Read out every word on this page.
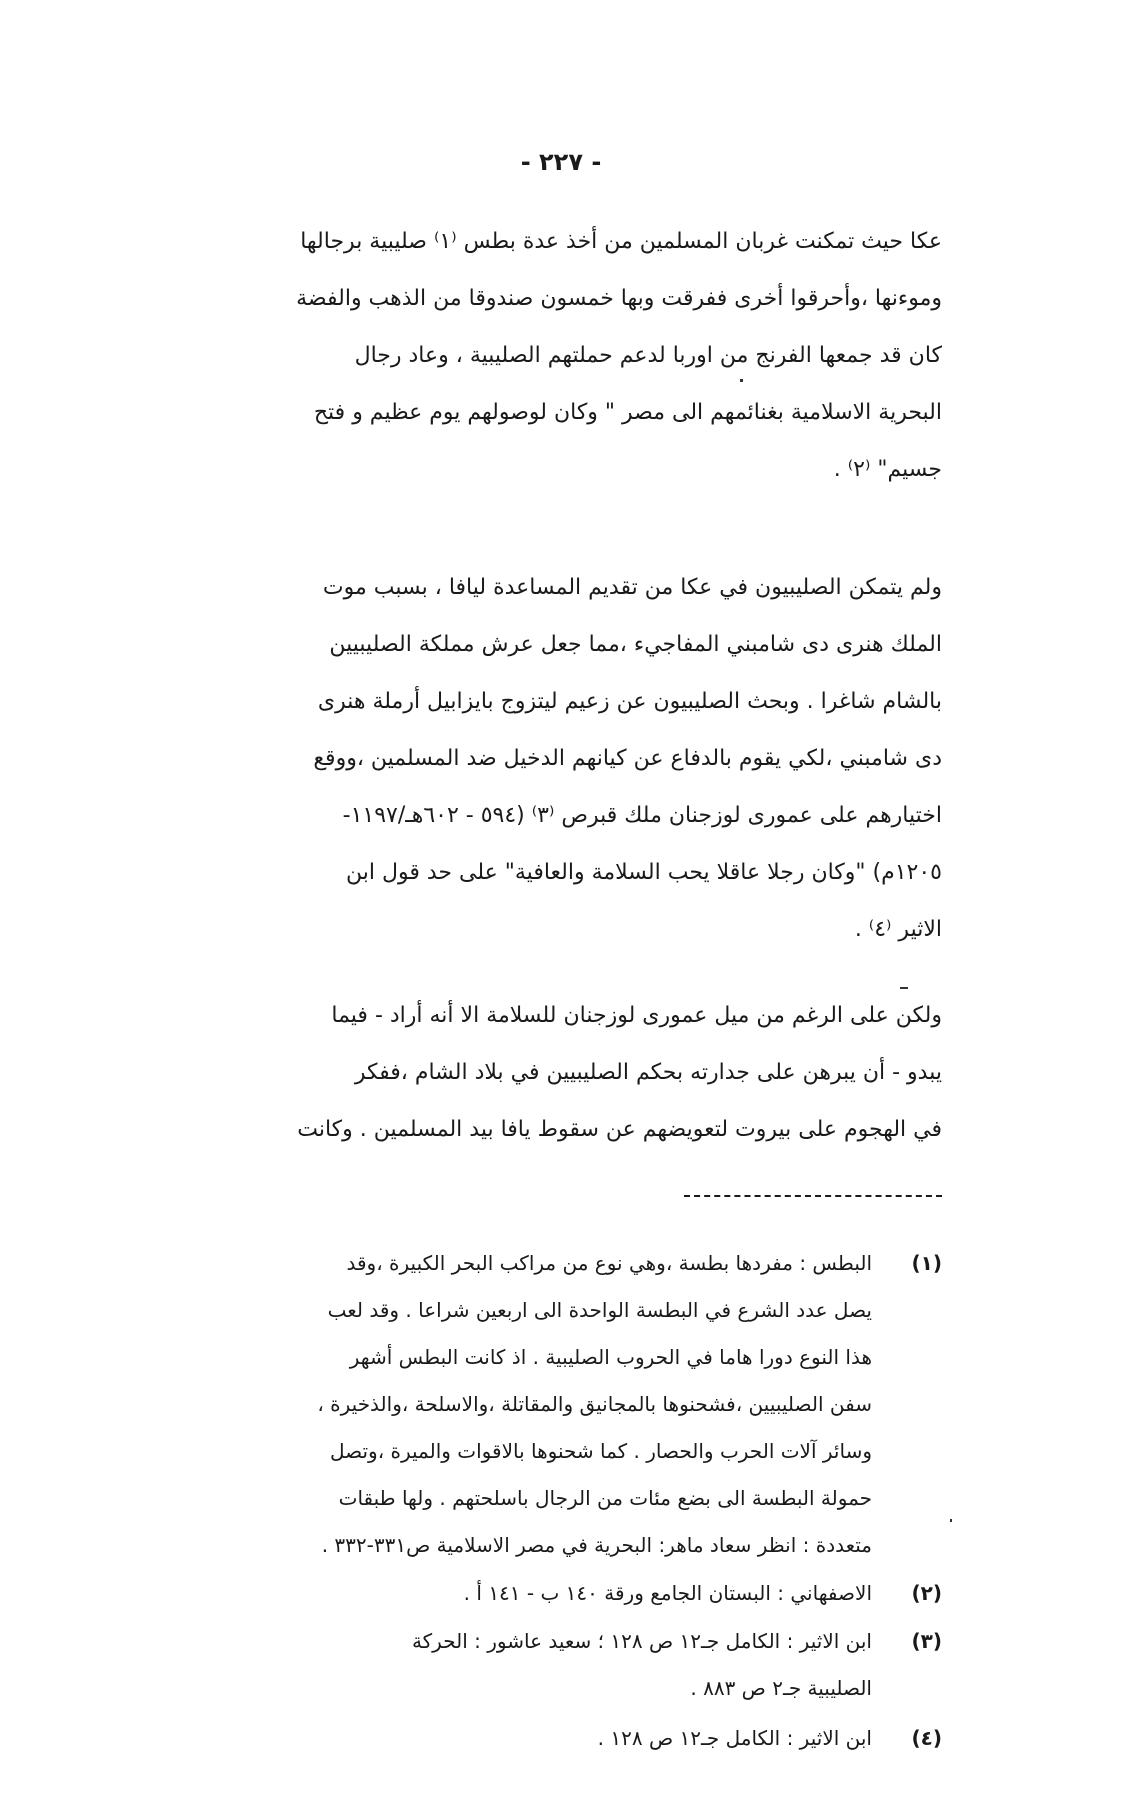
- ٢٢٧ -
عكا حيث تمكنت غربان المسلمين من أخذ عدة بطس ⁽١⁾ صليبية برجالها
وموءنها ،وأحرقوا أخرى ففرقت وبها خمسون صندوقا من الذهب والفضة
كان قد جمعها الفرنج من اوربا لدعم حملتهم الصليبية ، وعاد رجال
البحرية الاسلامية بغنائمهم الى مصر " وكان لوصولهم يوم عظيم و فتح
جسيم" ⁽٢⁾ .
ولم يتمكن الصليبيون في عكا من تقديم المساعدة ليافا ، بسبب موت
الملك هنرى دى شامبني المفاجيء ،مما جعل عرش مملكة الصليبيين
بالشام شاغرا . وبحث الصليبيون عن زعيم ليتزوج بايزابيل أرملة هنرى
دى شامبني ،لكي يقوم بالدفاع عن كيانهم الدخيل ضد المسلمين ،ووقع
اختيارهم على عمورى لوزجنان ملك قبرص ⁽٣⁾ (٥٩٤ - ٦٠٢هـ/١١٩٧-
١٢٠٥م) "وكان رجلا عاقلا يحب السلامة والعافية" على حد قول ابن
الاثير ⁽٤⁾ .
ولكن على الرغم من ميل عمورى لوزجنان للسلامة الا أنه أراد - فيما
يبدو - أن يبرهن على جدارته بحكم الصليبيين في بلاد الشام ،ففكر
في الهجوم على بيروت لتعويضهم عن سقوط يافا بيد المسلمين . وكانت
(١)البطس : مفردها بطسة ،وهي نوع من مراكب البحر الكبيرة ،وقد
يصل عدد الشرع في البطسة الواحدة الى اربعين شراعا . وقد لعب
هذا النوع دورا هاما في الحروب الصليبية . اذ كانت البطس أشهر
سفن الصليبيين ،فشحنوها بالمجانيق والمقاتلة ،والاسلحة ،والذخيرة ،
وسائر آلات الحرب والحصار . كما شحنوها بالاقوات والميرة ،وتصل
حمولة البطسة الى بضع مئات من الرجال باسلحتهم . ولها طبقات
متعددة : انظر سعاد ماهر: البحرية في مصر الاسلامية ص٣٣١-٣٣٢ .
(٢)الاصفهاني : البستان الجامع ورقة ١٤٠ ب - ١٤١ أ .
(٣)ابن الاثير : الكامل جـ١٢ ص ١٢٨ ؛ سعيد عاشور : الحركة
الصليبية جـ٢ ص ٨٨٣ .
(٤)ابن الاثير : الكامل جـ١٢ ص ١٢٨ .
